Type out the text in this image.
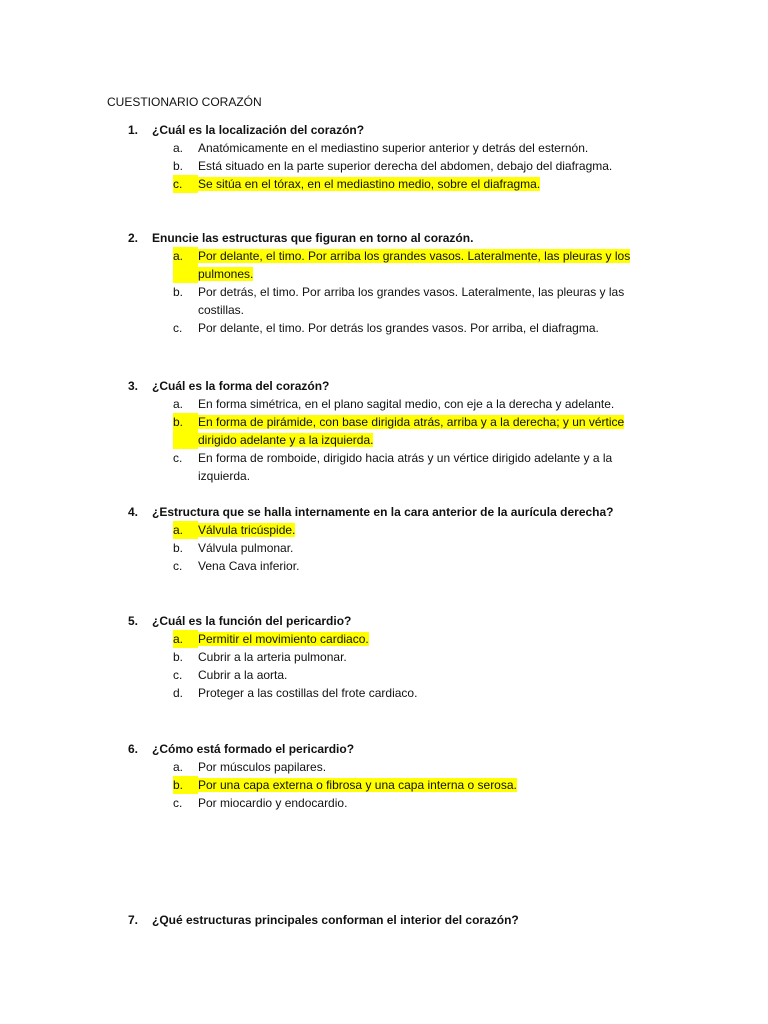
CUESTIONARIO CORAZÓN
1.	¿Cuál es la localización del corazón?
a.	Anatómicamente en el mediastino superior anterior y detrás del esternón.
b.	Está situado en la parte superior derecha del abdomen, debajo del diafragma.
c.	Se sitúa en el tórax, en el mediastino medio, sobre el diafragma.
2.	Enuncie las estructuras que figuran en torno al corazón.
a.	Por delante, el timo. Por arriba los grandes vasos. Lateralmente, las pleuras y los pulmones.
b.	Por detrás, el timo. Por arriba los grandes vasos. Lateralmente, las pleuras y las costillas.
c.	Por delante, el timo. Por detrás los grandes vasos. Por arriba, el diafragma.
3.	¿Cuál es la forma del corazón?
a.	En forma simétrica, en el plano sagital medio, con eje a la derecha y adelante.
b.	En forma de pirámide, con base dirigida atrás, arriba y a la derecha; y un vértice dirigido adelante y a la izquierda.
c.	En forma de romboide, dirigido hacia atrás y un vértice dirigido adelante y a la izquierda.
4.	¿Estructura que se halla internamente en la cara anterior de la aurícula derecha?
a.	Válvula tricúspide.
b.	Válvula pulmonar.
c.	Vena Cava inferior.
5.	¿Cuál es la función del pericardio?
a.	Permitir el movimiento cardiaco.
b.	Cubrir a la arteria pulmonar.
c.	Cubrir a la aorta.
d.	Proteger a las costillas del frote cardiaco.
6.	¿Cómo está formado el pericardio?
a.	Por músculos papilares.
b.	Por una capa externa o fibrosa y una capa interna o serosa.
c.	Por miocardio y endocardio.
7.	¿Qué estructuras principales conforman el interior del corazón?
